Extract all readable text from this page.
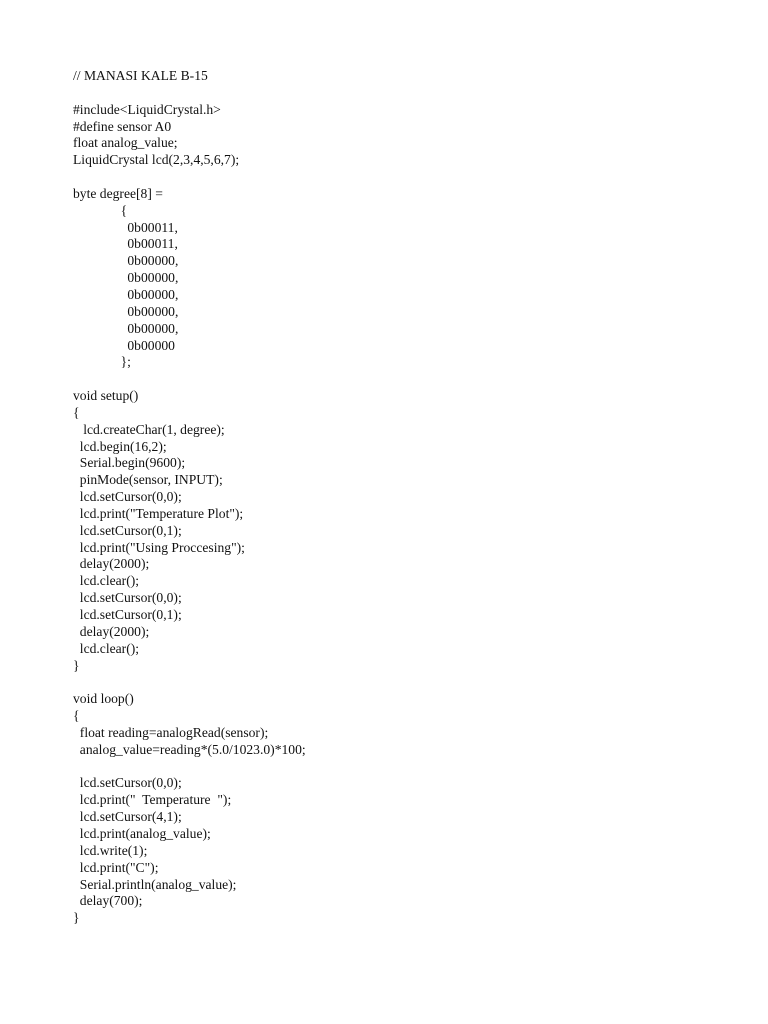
// MANASI KALE B-15
#include<LiquidCrystal.h>
#define sensor A0
float analog_value;
LiquidCrystal lcd(2,3,4,5,6,7);
byte degree[8] =
{
0b00011,
0b00011,
0b00000,
0b00000,
0b00000,
0b00000,
0b00000,
0b00000
};
void setup()
{
lcd.createChar(1, degree);
lcd.begin(16,2);
Serial.begin(9600);
pinMode(sensor, INPUT);
lcd.setCursor(0,0);
lcd.print("Temperature Plot");
lcd.setCursor(0,1);
lcd.print("Using Proccesing");
delay(2000);
lcd.clear();
lcd.setCursor(0,0);
lcd.setCursor(0,1);
delay(2000);
lcd.clear();
}
void loop()
{
float reading=analogRead(sensor);
analog_value=reading*(5.0/1023.0)*100;
lcd.setCursor(0,0);
lcd.print("  Temperature  ");
lcd.setCursor(4,1);
lcd.print(analog_value);
lcd.write(1);
lcd.print("C");
Serial.println(analog_value);
delay(700);
}
